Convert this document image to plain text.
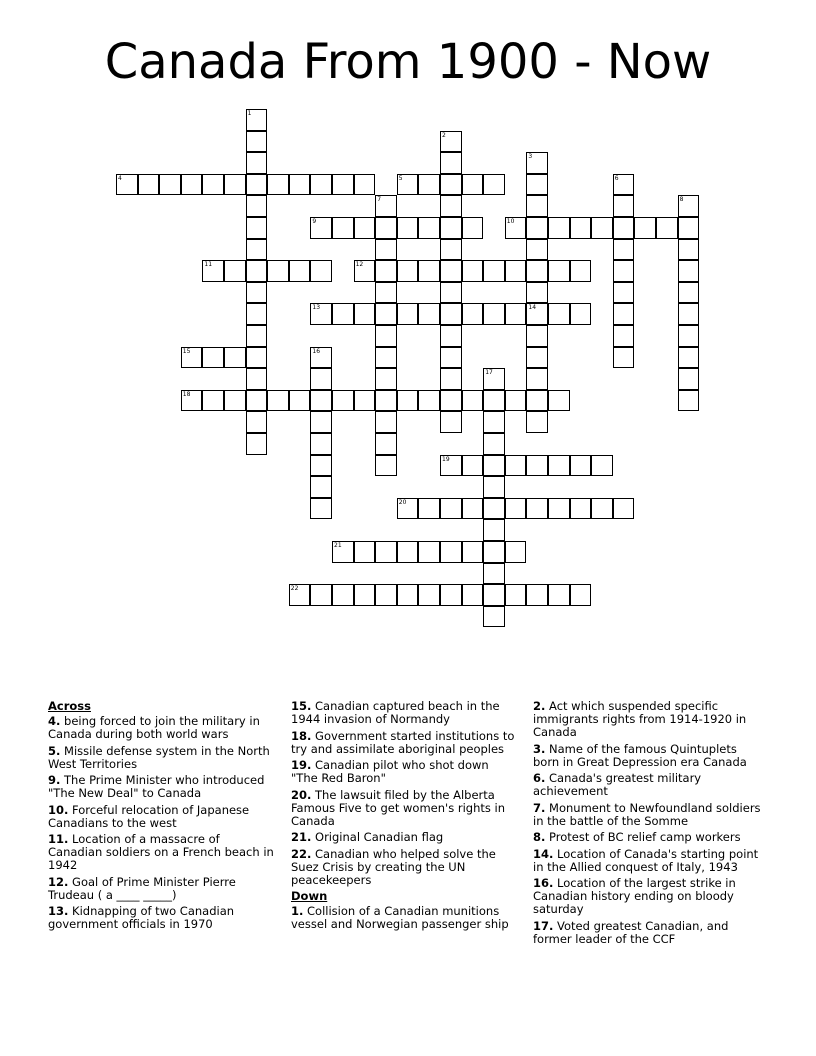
Canada From 1900 - Now
1
2
3
14
4	5	6
7	8
9	10
11	12
13
15	16
17
18
19
20
21
22
Across
4. being forced to join the military in Canada during both world wars
5. Missile defense system in the North West Territories
9. The Prime Minister who introduced "The New Deal" to Canada
10. Forceful relocation of Japanese Canadians to the west
11. Location of a massacre of Canadian soldiers on a French beach in 1942
12. Goal of Prime Minister Pierre Trudeau ( a ____ _____)
13. Kidnapping of two Canadian government officials in 1970
15. Canadian captured beach in the 1944 invasion of Normandy
18. Government started institutions to try and assimilate aboriginal peoples
19. Canadian pilot who shot down "The Red Baron"
20. The lawsuit filed by the Alberta Famous Five to get women's rights in Canada
21. Original Canadian flag
22. Canadian who helped solve the Suez Crisis by creating the UN peacekeepers
Down
1. Collision of a Canadian munitions vessel and Norwegian passenger ship
2. Act which suspended specific immigrants rights from 1914-1920 in Canada
3. Name of the famous Quintuplets born in Great Depression era Canada
6. Canada's greatest military achievement
7. Monument to Newfoundland soldiers in the battle of the Somme
8. Protest of BC relief camp workers
14. Location of Canada's starting point in the Allied conquest of Italy, 1943
16. Location of the largest strike in Canadian history ending on bloody saturday
17. Voted greatest Canadian, and former leader of the CCF
